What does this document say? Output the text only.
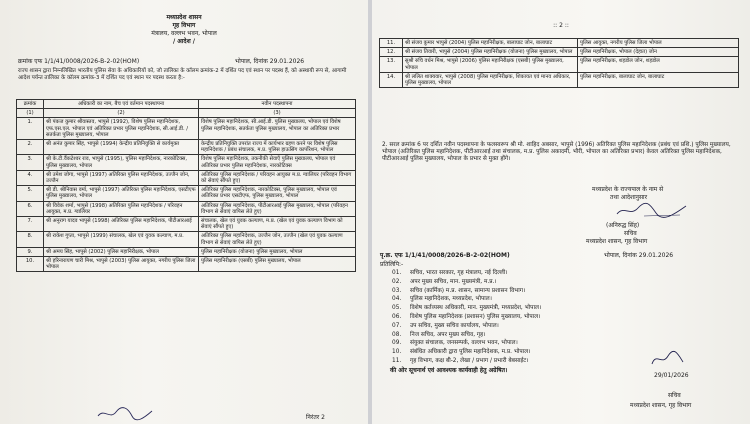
मध्यप्रदेश शासन
गृह विभाग
मंत्रालय, वल्लभ भवन, भोपाल
/ आदेश /
क्रमांक एफ 1/1/41/0008/2026-B-2-02(HOM)	भोपाल, दिनांक 29.01.2026
राज्य शासन द्वारा निम्नलिखित भारतीय पुलिस सेवा के अधिकारियों को, जो तालिका के कॉलम क्रमांक-2 में दर्शित पद एवं स्थान पर पदस्थ हैं, को अस्थायी रूप से, आगामी आदेश पर्यन्त तालिका के कॉलम क्रमांक-3 में दर्शित पद एवं स्थान पर पदस्थ करता है:-
क्रमांक	अधिकारी का नाम, बैच एवं वर्तमान पदस्थापना	नवीन पदस्थापना
(1)	(2)	(3)
1.	श्री पंकज कुमार श्रीवास्तव, भापुसे (1992), विशेष पुलिस महानिदेशक, एफ.एस.एल. भोपाल एवं अतिरिक्त प्रभार पुलिस महानिदेशक, सी.आई.डी. / सतर्कता पुलिस मुख्यालय, भोपाल	विशेष पुलिस महानिदेशक, सी.आई.डी. पुलिस मुख्यालय, भोपाल एवं विशेष पुलिस महानिदेशक, सतर्कता पुलिस मुख्यालय, भोपाल का अतिरिक्त प्रभार
2.	श्री अनंत कुमार सिंह, भापुसे (1994) केन्द्रीय प्रतिनियुक्ति से कार्यमुक्त	केन्द्रीय प्रतिनियुक्ति उपरांत राज्य में कार्यभार ग्रहण करने पर विशेष पुलिस महानिदेशक / प्रबंध संचालक, म.प्र. पुलिस हाऊसिंग कार्पोरेशन, भोपाल
3.	श्री के.टी.वैंकटेश्वर राव, भापुसे (1995), पुलिस महानिदेशक, नारकोटिक्स, पुलिस मुख्यालय, भोपाल	विशेष पुलिस महानिदेशक, तकनीकी सेवाएँ पुलिस मुख्यालय, भोपाल एवं अतिरिक्त प्रभार पुलिस महानिदेशक, नारकोटिक्स
4.	श्री उमेश जोगा, भापुसे (1997) अतिरिक्त पुलिस महानिदेशक, उज्जैन जोन, उज्जैन	अतिरिक्त पुलिस महानिदेशक / परिवहन आयुक्त म.प्र. ग्वालियर (परिवहन विभाग को सेवाएं सौंपते हुए)
5.	श्री डी. श्रीनिवास वर्मा, भापुसे (1997) अतिरिक्त पुलिस महानिदेशक, एसटीएफ पुलिस मुख्यालय, भोपाल	अतिरिक्त पुलिस महानिदेशक, नारकोटिक्स, पुलिस मुख्यालय, भोपाल एवं अतिरिक्त प्रभार एसटीएफ, पुलिस मुख्यालय, भोपाल
6.	श्री विवेक शर्मा, भापुसे (1998) अतिरिक्त पुलिस महानिदेशक / परिवहन आयुक्त, म.प्र. ग्वालियर	अतिरिक्त पुलिस महानिदेशक, पीटीआरआई पुलिस मुख्यालय, भोपाल (परिवहन विभाग से सेवाएं वापिस लेते हुए)
7.	श्री अनुराग यादव भापुसे (1998) अतिरिक्त पुलिस महानिदेशक, पीटीआरआई	संचालक, खेल एवं युवक कल्याण, म.प्र. (खेल एवं युवक कल्याण विभाग को सेवाएं सौंपते हुए)
8.	श्री राकेश गुप्ता, भापुसे (1999) संचालक, खेल एवं युवक कल्याण, म.प्र.	अतिरिक्त पुलिस महानिदेशक, उज्जैन जोन, उज्जैन (खेल एवं युवक कल्याण विभाग से सेवाएं वापिस लेते हुए)
9.	श्री अमय सिंह, भापुसे (2002) पुलिस महानिरीक्षक, भोपाल	पुलिस महानिरीक्षक (योजना) पुलिस मुख्यालय, भोपाल
10.	श्री हरिनारायण चारी मिश्र, भापुसे (2003) पुलिस आयुक्त, नगरीय पुलिस जिला भोपाल	पुलिस महानिरीक्षक (एसबी) पुलिस मुख्यालय, भोपाल
निरंतर 2
:: 2 ::
11.	श्री संजय कुमार भापुसे (2004) पुलिस महानिरीक्षक, बालाघाट जोन, बालाघाट	पुलिस आयुक्त, नगरीय पुलिस जिला भोपाल
12.	श्री संजय तिवारी, भापुसे (2004) पुलिस महानिरीक्षक (योजना) पुलिस मुख्यालय, भोपाल	पुलिस महानिरीक्षक, भोपाल (देहात) जोन
13.	सुश्री रुचि वर्धन मिश्र, भापुसे (2006) पुलिस महानिरीक्षक (एसबी) पुलिस मुख्यालय, भोपाल	पुलिस महानिरीक्षक, शहडोल जोन, शहडोल
14.	श्री ललित शाक्यवार, भापुसे (2008) पुलिस महानिरीक्षक, शिकायत एवं मानव अधिकार, पुलिस मुख्यालय, भोपाल	पुलिस महानिरीक्षक, बालाघाट जोन, बालाघाट
2. सरल क्रमांक 6 पर दर्शित नवीन पदस्थापना के फलस्वरूप श्री मो. शाहिद अबसार, भापुसे (1996) अतिरिक्त पुलिस महानिदेशक (प्रबंध एवं प्रशि.) पुलिस मुख्यालय, भोपाल (अतिरिक्त पुलिस महानिदेशक, पीटीआरआई तथा संचालक, म.प्र. पुलिस अकादमी, भौरी, भोपाल का अतिरिक्त प्रभार) केवल अतिरिक्त पुलिस महानिदेशक, पीटीआरआई पुलिस मुख्यालय, भोपाल के प्रभार से मुक्त होंगे।
मध्यप्रदेश के राज्यपाल के नाम से
तथा आदेशानुसार
(अनिरुद्ध सिंह)
सचिव
मध्यप्रदेश शासन, गृह विभाग
पृ.क्र. एफ 1/1/41/0008/2026-B-2-02(HOM)	भोपाल, दिनांक 29.01.2026
प्रतिलिपि:-
01. सचिव, भारत सरकार, गृह मंत्रालय, नई दिल्ली।
02. अपर मुख्य सचिव, मान. मुख्यमंत्री, म.प्र.।
03. सचिव (कार्मिक) म.प्र. शासन, सामान्य प्रशासन विभाग।
04. पुलिस महानिदेशक, मध्यप्रदेश, भोपाल।
05. विशेष कर्तव्यस्थ अधिकारी, मान. मुख्यमंत्री, मध्यप्रदेश, भोपाल।
06. विशेष पुलिस महानिदेशक (प्रशासन) पुलिस मुख्यालय, भोपाल।
07. उप सचिव, मुख्य सचिव कार्यालय, भोपाल।
08. निज सचिव, अपर मुख्य सचिव, गृह।
09. संयुक्त संचालक, जनसम्पर्क, वल्लभ भवन, भोपाल।
10. संबंधित अधिकारी द्वारा पुलिस महानिदेशक, म.प्र. भोपाल।
11. गृह विभाग, कक्ष बी-2, लेखा / प्रभाग / प्रभारी बेबसाईट।
की ओर सूचनार्थ एवं आवश्यक कार्यवाही हेतु अग्रेषित।
29/01/2026
सचिव
मध्यप्रदेश शासन, गृह विभाग
